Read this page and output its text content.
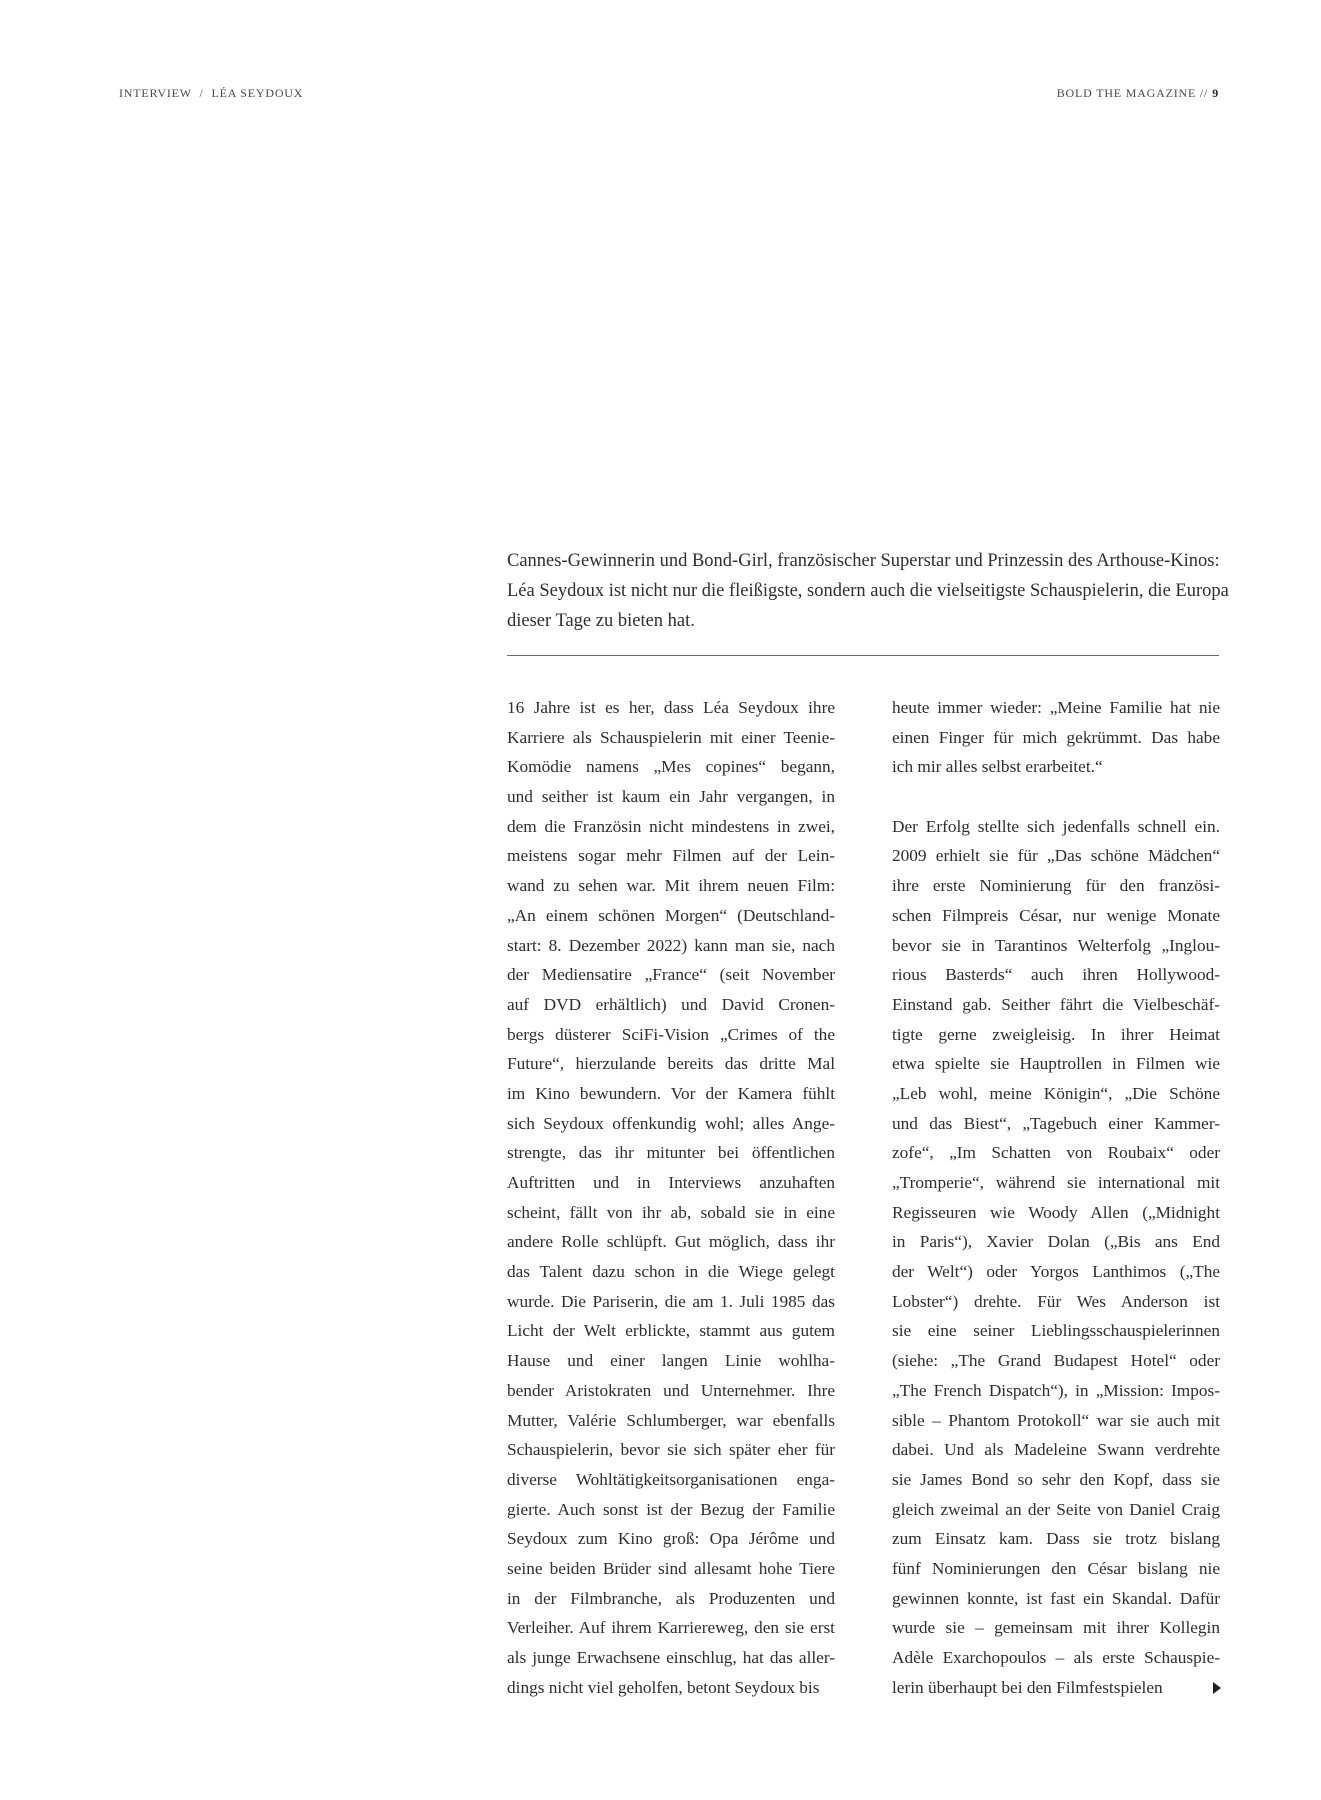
INTERVIEW / LÉA SEYDOUX	BOLD THE MAGAZINE // 9

Cannes-Gewinnerin und Bond-Girl, französischer Superstar und Prinzessin des Arthouse-Kinos:

Léa Seydoux ist nicht nur die fleißigste, sondern auch die vielseitigste Schauspielerin, die Europa

dieser Tage zu bieten hat.

16 Jahre ist es her, dass Léa Seydoux ihre
Karriere als Schauspielerin mit einer Teenie-
Komödie namens „Mes copines“ begann,
und seither ist kaum ein Jahr vergangen, in
dem die Französin nicht mindestens in zwei,
meistens sogar mehr Filmen auf der Lein-
wand zu sehen war. Mit ihrem neuen Film:
„An einem schönen Morgen“ (Deutschland-
start: 8. Dezember 2022) kann man sie, nach
der Mediensatire „France“ (seit November
auf DVD erhältlich) und David Cronen-
bergs düsterer SciFi-Vision „Crimes of the
Future“, hierzulande bereits das dritte Mal
im Kino bewundern. Vor der Kamera fühlt
sich Seydoux offenkundig wohl; alles Ange-
strengte, das ihr mitunter bei öffentlichen
Auftritten und in Interviews anzuhaften
scheint, fällt von ihr ab, sobald sie in eine
andere Rolle schlüpft. Gut möglich, dass ihr
das Talent dazu schon in die Wiege gelegt
wurde. Die Pariserin, die am 1. Juli 1985 das
Licht der Welt erblickte, stammt aus gutem
Hause und einer langen Linie wohlha-
bender Aristokraten und Unternehmer. Ihre
Mutter, Valérie Schlumberger, war ebenfalls
Schauspielerin, bevor sie sich später eher für
diverse Wohltätigkeitsorganisationen enga-
gierte. Auch sonst ist der Bezug der Familie
Seydoux zum Kino groß: Opa Jérôme und
seine beiden Brüder sind allesamt hohe Tiere
in der Filmbranche, als Produzenten und
Verleiher. Auf ihrem Karriereweg, den sie erst
als junge Erwachsene einschlug, hat das aller-
dings nicht viel geholfen, betont Seydoux bis
heute immer wieder: „Meine Familie hat nie
einen Finger für mich gekrümmt. Das habe
ich mir alles selbst erarbeitet.“
Der Erfolg stellte sich jedenfalls schnell ein.
2009 erhielt sie für „Das schöne Mädchen“
ihre erste Nominierung für den französi-
schen Filmpreis César, nur wenige Monate
bevor sie in Tarantinos Welterfolg „Inglou-
rious Basterds“ auch ihren Hollywood-
Einstand gab. Seither fährt die Vielbeschäf-
tigte gerne zweigleisig. In ihrer Heimat
etwa spielte sie Hauptrollen in Filmen wie
„Leb wohl, meine Königin“, „Die Schöne
und das Biest“, „Tagebuch einer Kammer-
zofe“, „Im Schatten von Roubaix“ oder
„Tromperie“, während sie international mit
Regisseuren wie Woody Allen („Midnight
in Paris“), Xavier Dolan („Bis ans End
der Welt“) oder Yorgos Lanthimos („The
Lobster“) drehte. Für Wes Anderson ist
sie eine seiner Lieblingsschauspielerinnen
(siehe: „The Grand Budapest Hotel“ oder
„The French Dispatch“), in „Mission: Impos-
sible – Phantom Protokoll“ war sie auch mit
dabei. Und als Madeleine Swann verdrehte
sie James Bond so sehr den Kopf, dass sie
gleich zweimal an der Seite von Daniel Craig
zum Einsatz kam. Dass sie trotz bislang
fünf Nominierungen den César bislang nie
gewinnen konnte, ist fast ein Skandal. Dafür
wurde sie – gemeinsam mit ihrer Kollegin
Adèle Exarchopoulos – als erste Schauspie-
lerin überhaupt bei den Filmfestspielen
